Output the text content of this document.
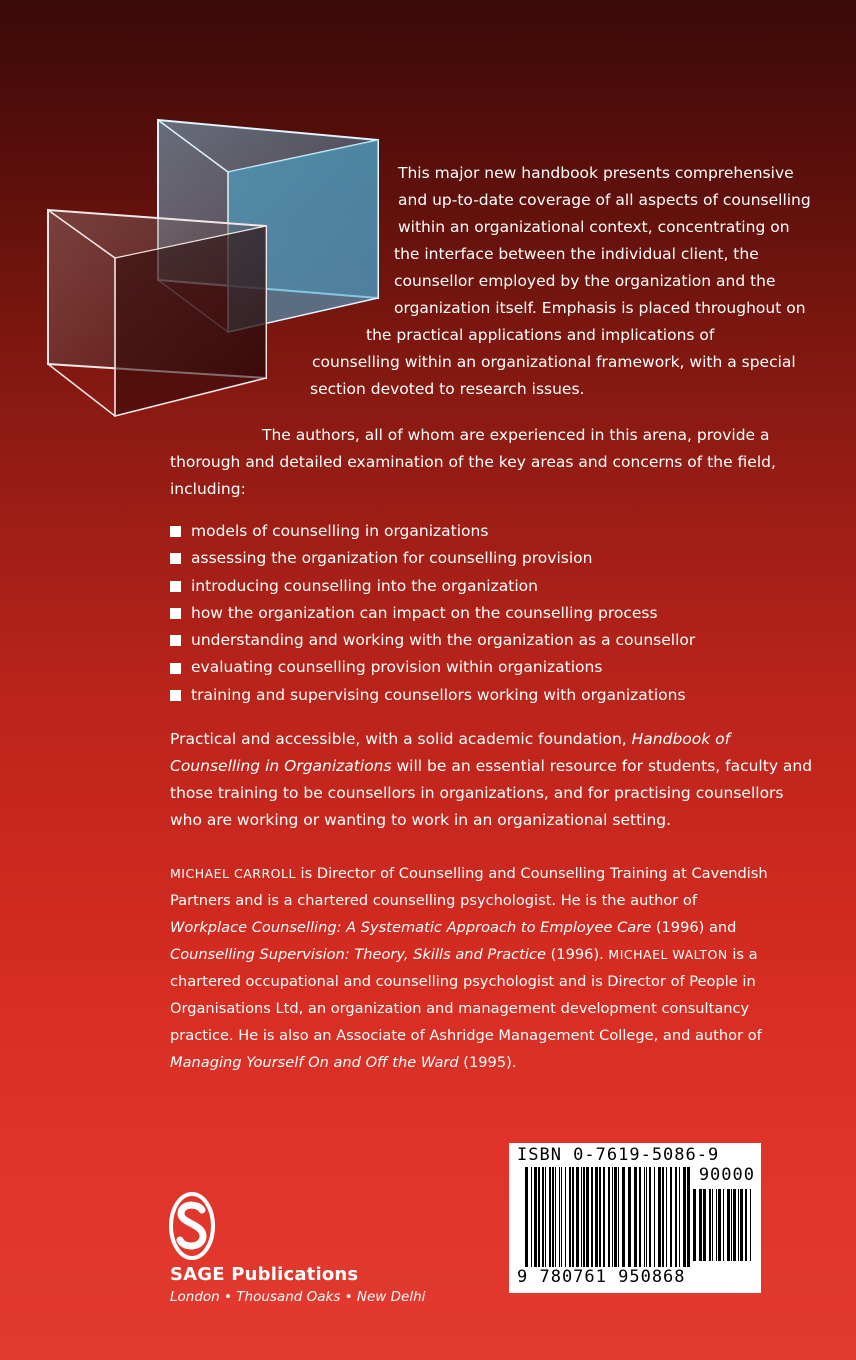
This major new handbook presents comprehensive
and up-to-date coverage of all aspects of counselling
within an organizational context, concentrating on
the interface between the individual client, the
counsellor employed by the organization and the
organization itself. Emphasis is placed throughout on
the practical applications and implications of
counselling within an organizational framework, with a special
section devoted to research issues.
The authors, all of whom are experienced in this arena, provide a
thorough and detailed examination of the key areas and concerns of the field,
including:
models of counselling in organizations
assessing the organization for counselling provision
introducing counselling into the organization
how the organization can impact on the counselling process
understanding and working with the organization as a counsellor
evaluating counselling provision within organizations
training and supervising counsellors working with organizations
Practical and accessible, with a solid academic foundation, Handbook of
Counselling in Organizations will be an essential resource for students, faculty and
those training to be counsellors in organizations, and for practising counsellors
who are working or wanting to work in an organizational setting.
MICHAEL CARROLL is Director of Counselling and Counselling Training at Cavendish
Partners and is a chartered counselling psychologist. He is the author of
Workplace Counselling: A Systematic Approach to Employee Care (1996) and
Counselling Supervision: Theory, Skills and Practice (1996). MICHAEL WALTON is a
chartered occupational and counselling psychologist and is Director of People in
Organisations Ltd, an organization and management development consultancy
practice. He is also an Associate of Ashridge Management College, and author of
Managing Yourself On and Off the Ward (1995).
SAGE Publications
London • Thousand Oaks • New Delhi
ISBN 0-7619-5086-9
90000
9 780761 950868
